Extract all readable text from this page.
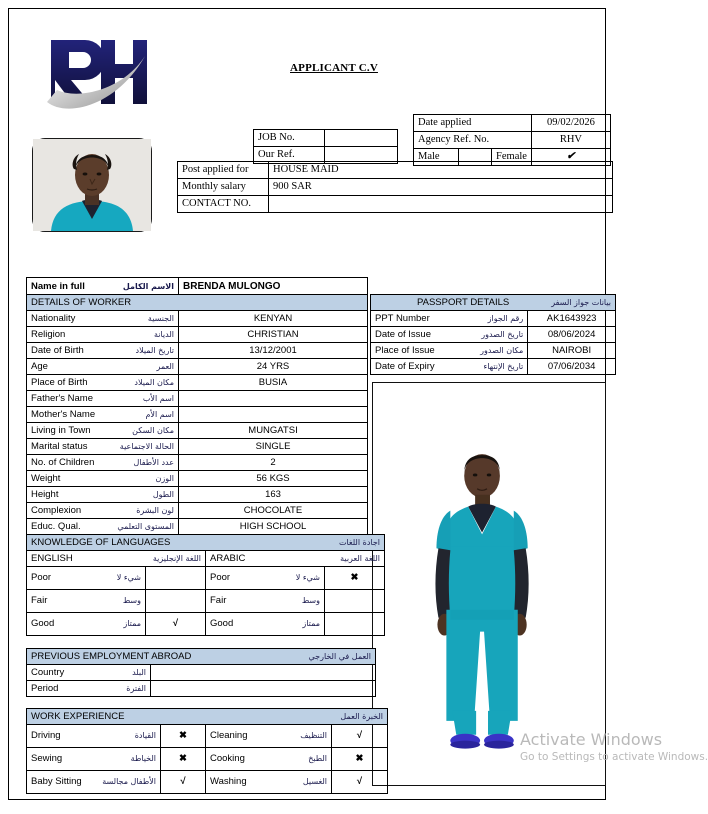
APPLICANT C.V
JOB No.	
Our Ref.	
Date applied			09/02/2026
Agency Ref. No.			RHV
Male		Female	✔
Post applied for	HOUSE MAID
Monthly salary	900 SAR
CONTACT NO.	
Name in full	الاسم الكامل	BRENDA MULONGO
DETAILS OF WORKER	
Nationality الجنسية	KENYAN
Religion الديانة	CHRISTIAN
Date of Birth تاريخ الميلاد	13/12/2001
Age العمر	24 YRS
Place of Birth مكان الميلاد	BUSIA
Father's Name اسم الأب	

Mother's Name اسم الأم	

Living in Town مكان السكن	MUNGATSI
Marital status الحالة الاجتماعية	SINGLE
No. of Children عدد الأطفال	2
Weight الوزن	56 KGS
Height الطول	163
Complexion لون البشرة	CHOCOLATE
Educ. Qual. المستوى التعلمي	HIGH SCHOOL
PASSPORT DETAILS بيانات جواز السفر	

PPT Number رقم الجواز	AK1643923
Date of Issue تاريخ الصدور	08/06/2024
Place of Issue مكان الصدور	NAIROBI
Date of Expiry تاريخ الإنتهاء	07/06/2034
KNOWLEDGE OF LANGUAGES اجادة اللغات			

ENGLISH اللغة الإنجليزية		ARABIC اللغة العربية	

Poor شيء لا		Poor شيء لا	✖
Fair وسط		Fair وسط	

Good ممتاز	√	Good ممتاز	

PREVIOUS EMPLOYMENT ABROAD العمل في الخارجي	

Country البلد	

Period الفترة	

WORK EXPERIENCE الخبرة العمل			

Driving القيادة	✖	Cleaning التنظيف	√
Sewing الخياطة	✖	Cooking الطبخ	✖
Baby Sitting الأطفال مجالسة	√	Washing الغسيل	√
Activate Windows
Go to Settings to activate Windows.
